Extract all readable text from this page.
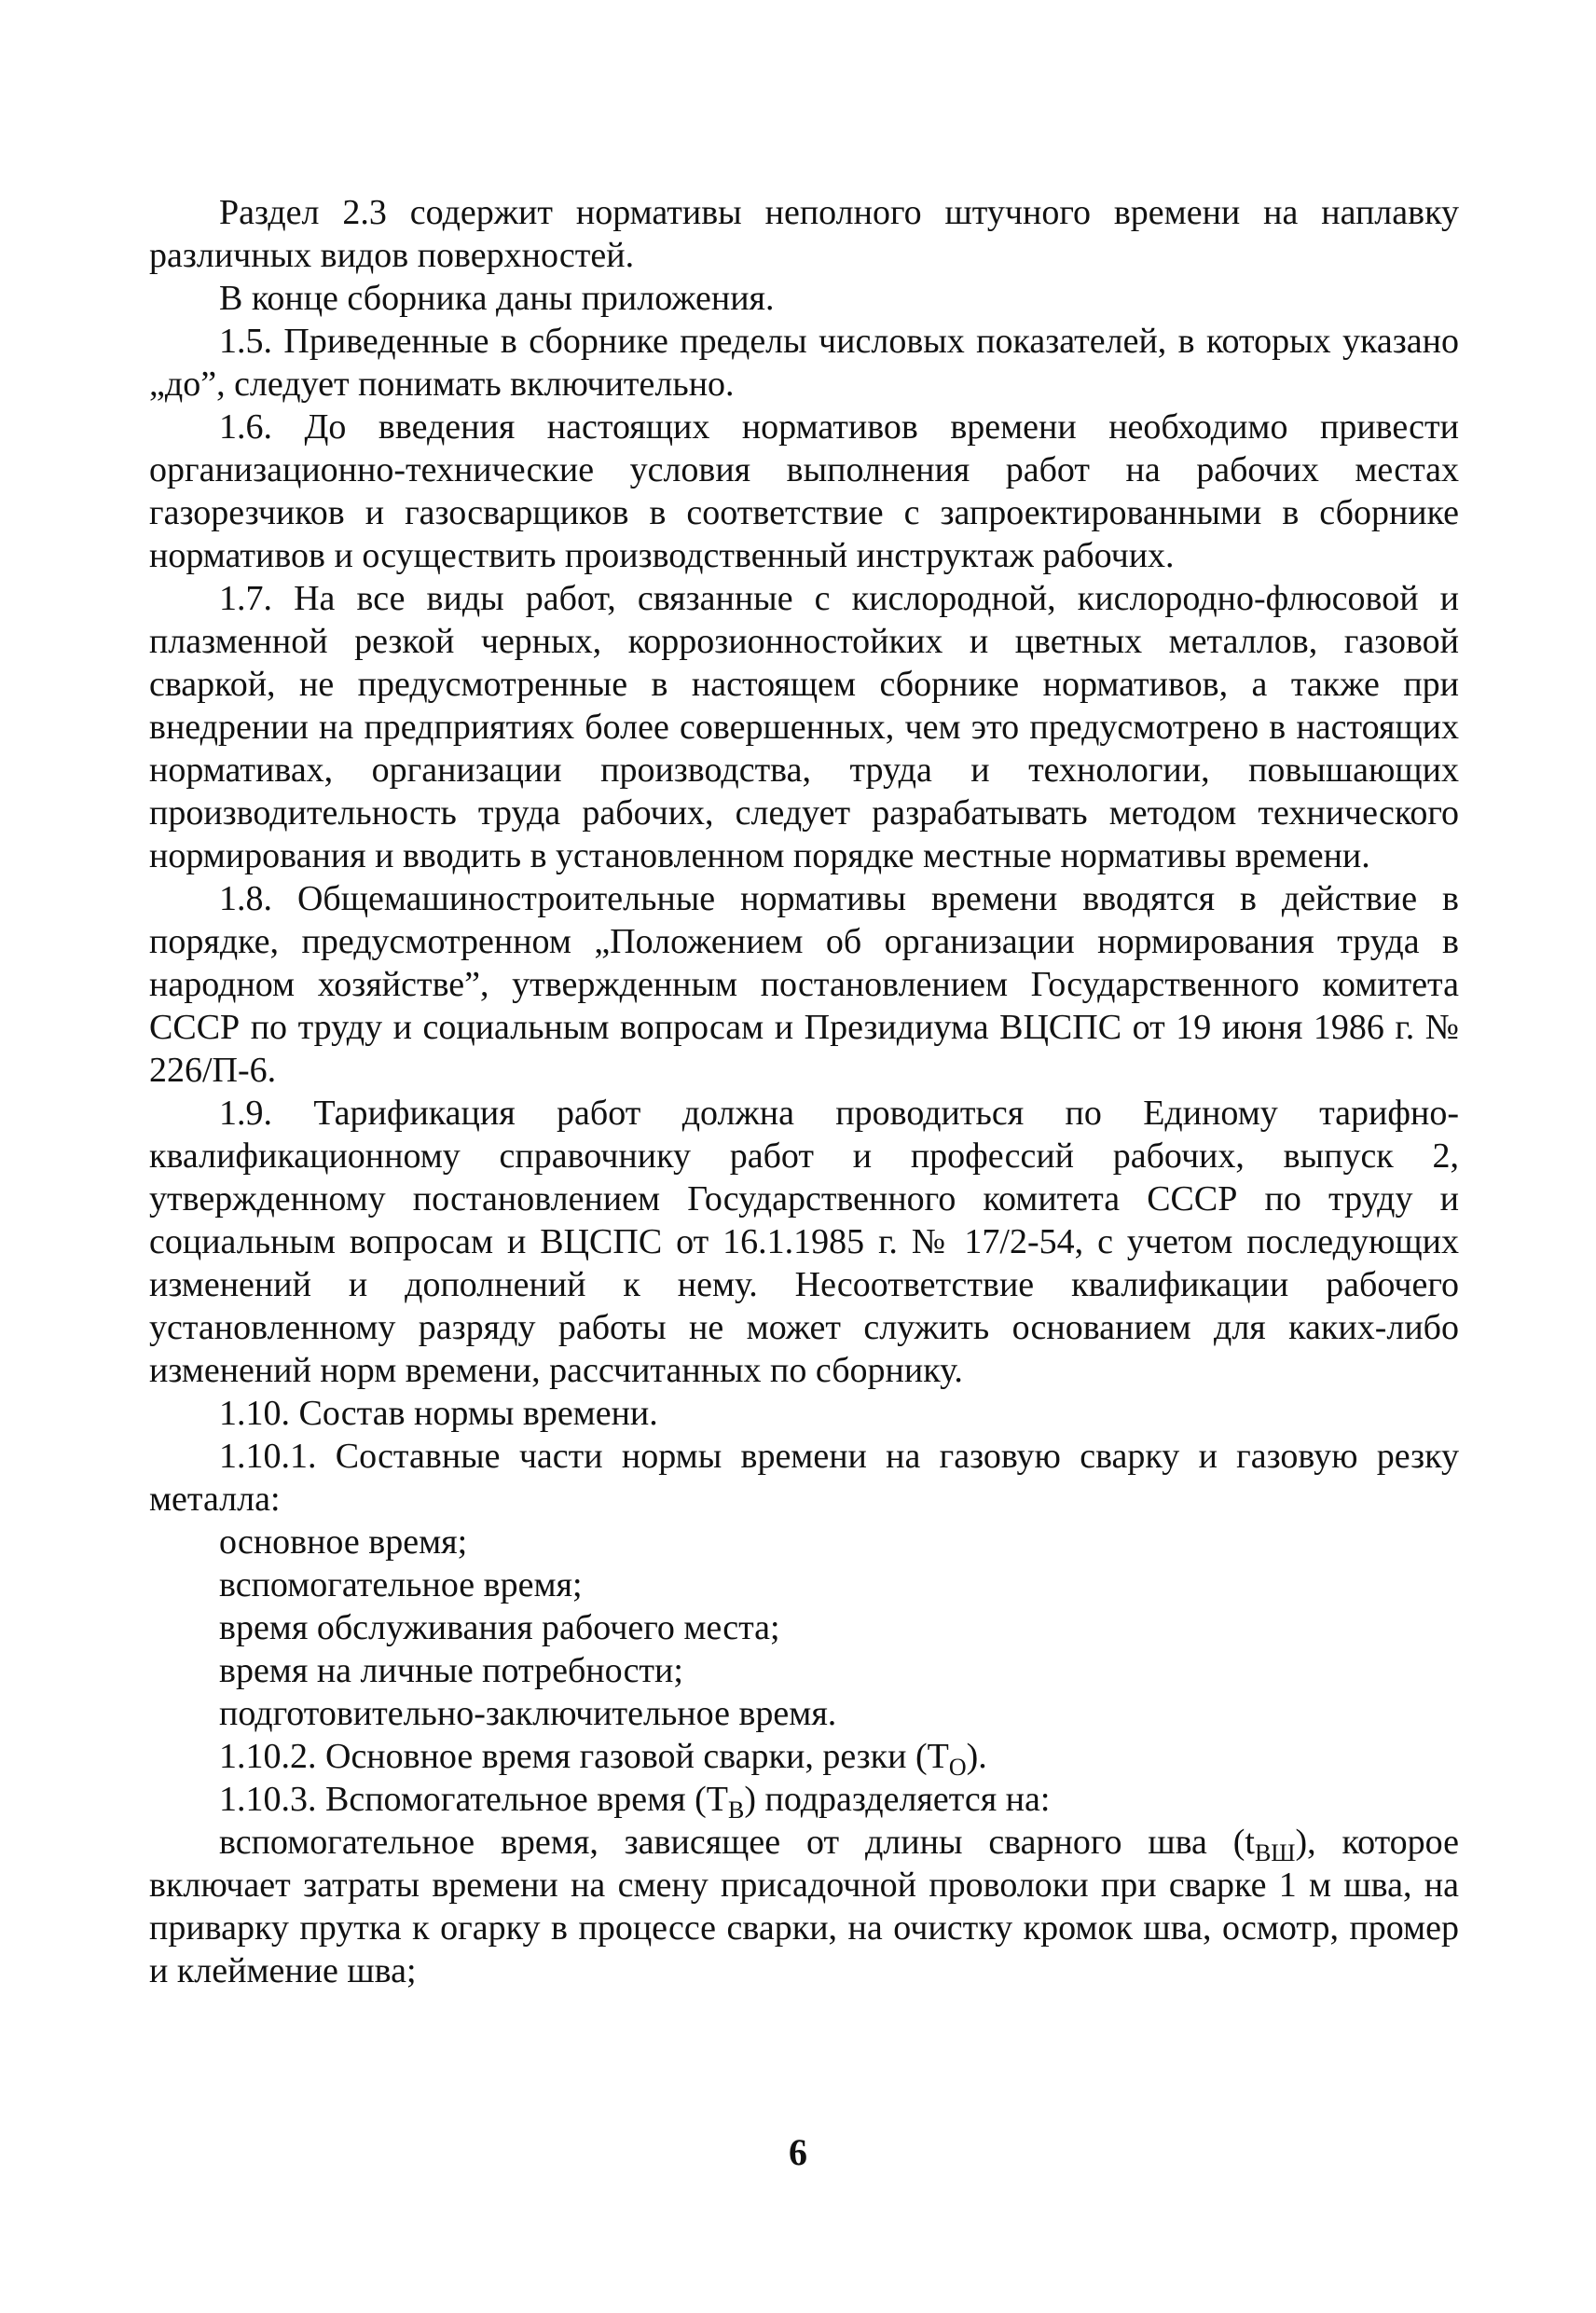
Раздел 2.3 содержит нормативы неполного штучного времени на наплавку различных видов поверхностей.

В конце сборника даны приложения.

1.5. Приведенные в сборнике пределы числовых показателей, в которых указано „до”, следует понимать включительно.

1.6. До введения настоящих нормативов времени необходимо привести организационно-технические условия выполнения работ на рабочих местах газорезчиков и газосварщиков в соответствие с запроектированными в сборнике нормативов и осуществить производственный инструктаж рабочих.

1.7. На все виды работ, связанные с кислородной, кислородно-флюсовой и плазменной резкой черных, коррозионностойких и цветных металлов, газовой сваркой, не предусмотренные в настоящем сборнике нормативов, а также при внедрении на предприятиях более совершенных, чем это предусмотрено в настоящих нормативах, организации производства, труда и технологии, повышающих производительность труда рабочих, следует разрабатывать методом технического нормирования и вводить в установленном порядке местные нормативы времени.

1.8. Общемашиностроительные нормативы времени вводятся в действие в порядке, предусмотренном „Положением об организации нормирования труда в народном хозяйстве”, утвержденным постановлением Государственного комитета СССР по труду и социальным вопросам и Президиума ВЦСПС от 19 июня 1986 г. № 226/П-6.

1.9. Тарификация работ должна проводиться по Единому тарифно-квалификационному справочнику работ и профессий рабочих, выпуск 2, утвержденному постановлением Государственного комитета СССР по труду и социальным вопросам и ВЦСПС от 16.1.1985 г. № 17/2-54, с учетом последующих изменений и дополнений к нему. Несоответствие квалификации рабочего установленному разряду работы не может служить основанием для каких-либо изменений норм времени, рассчитанных по сборнику.

1.10. Состав нормы времени.

1.10.1. Составные части нормы времени на газовую сварку и газовую резку металла:

основное время;

вспомогательное время;

время обслуживания рабочего места;

время на личные потребности;

подготовительно-заключительное время.

1.10.2. Основное время газовой сварки, резки $(T_О)$.

1.10.3. Вспомогательное время $(T_В)$ подразделяется на:

вспомогательное время, зависящее от длины сварного шва $(t_{ВШ})$, которое включает затраты времени на смену присадочной проволоки при сварке 1 м шва, на приварку прутка к огарку в процессе сварки, на очистку кромок шва, осмотр, промер и клеймение шва;

6
